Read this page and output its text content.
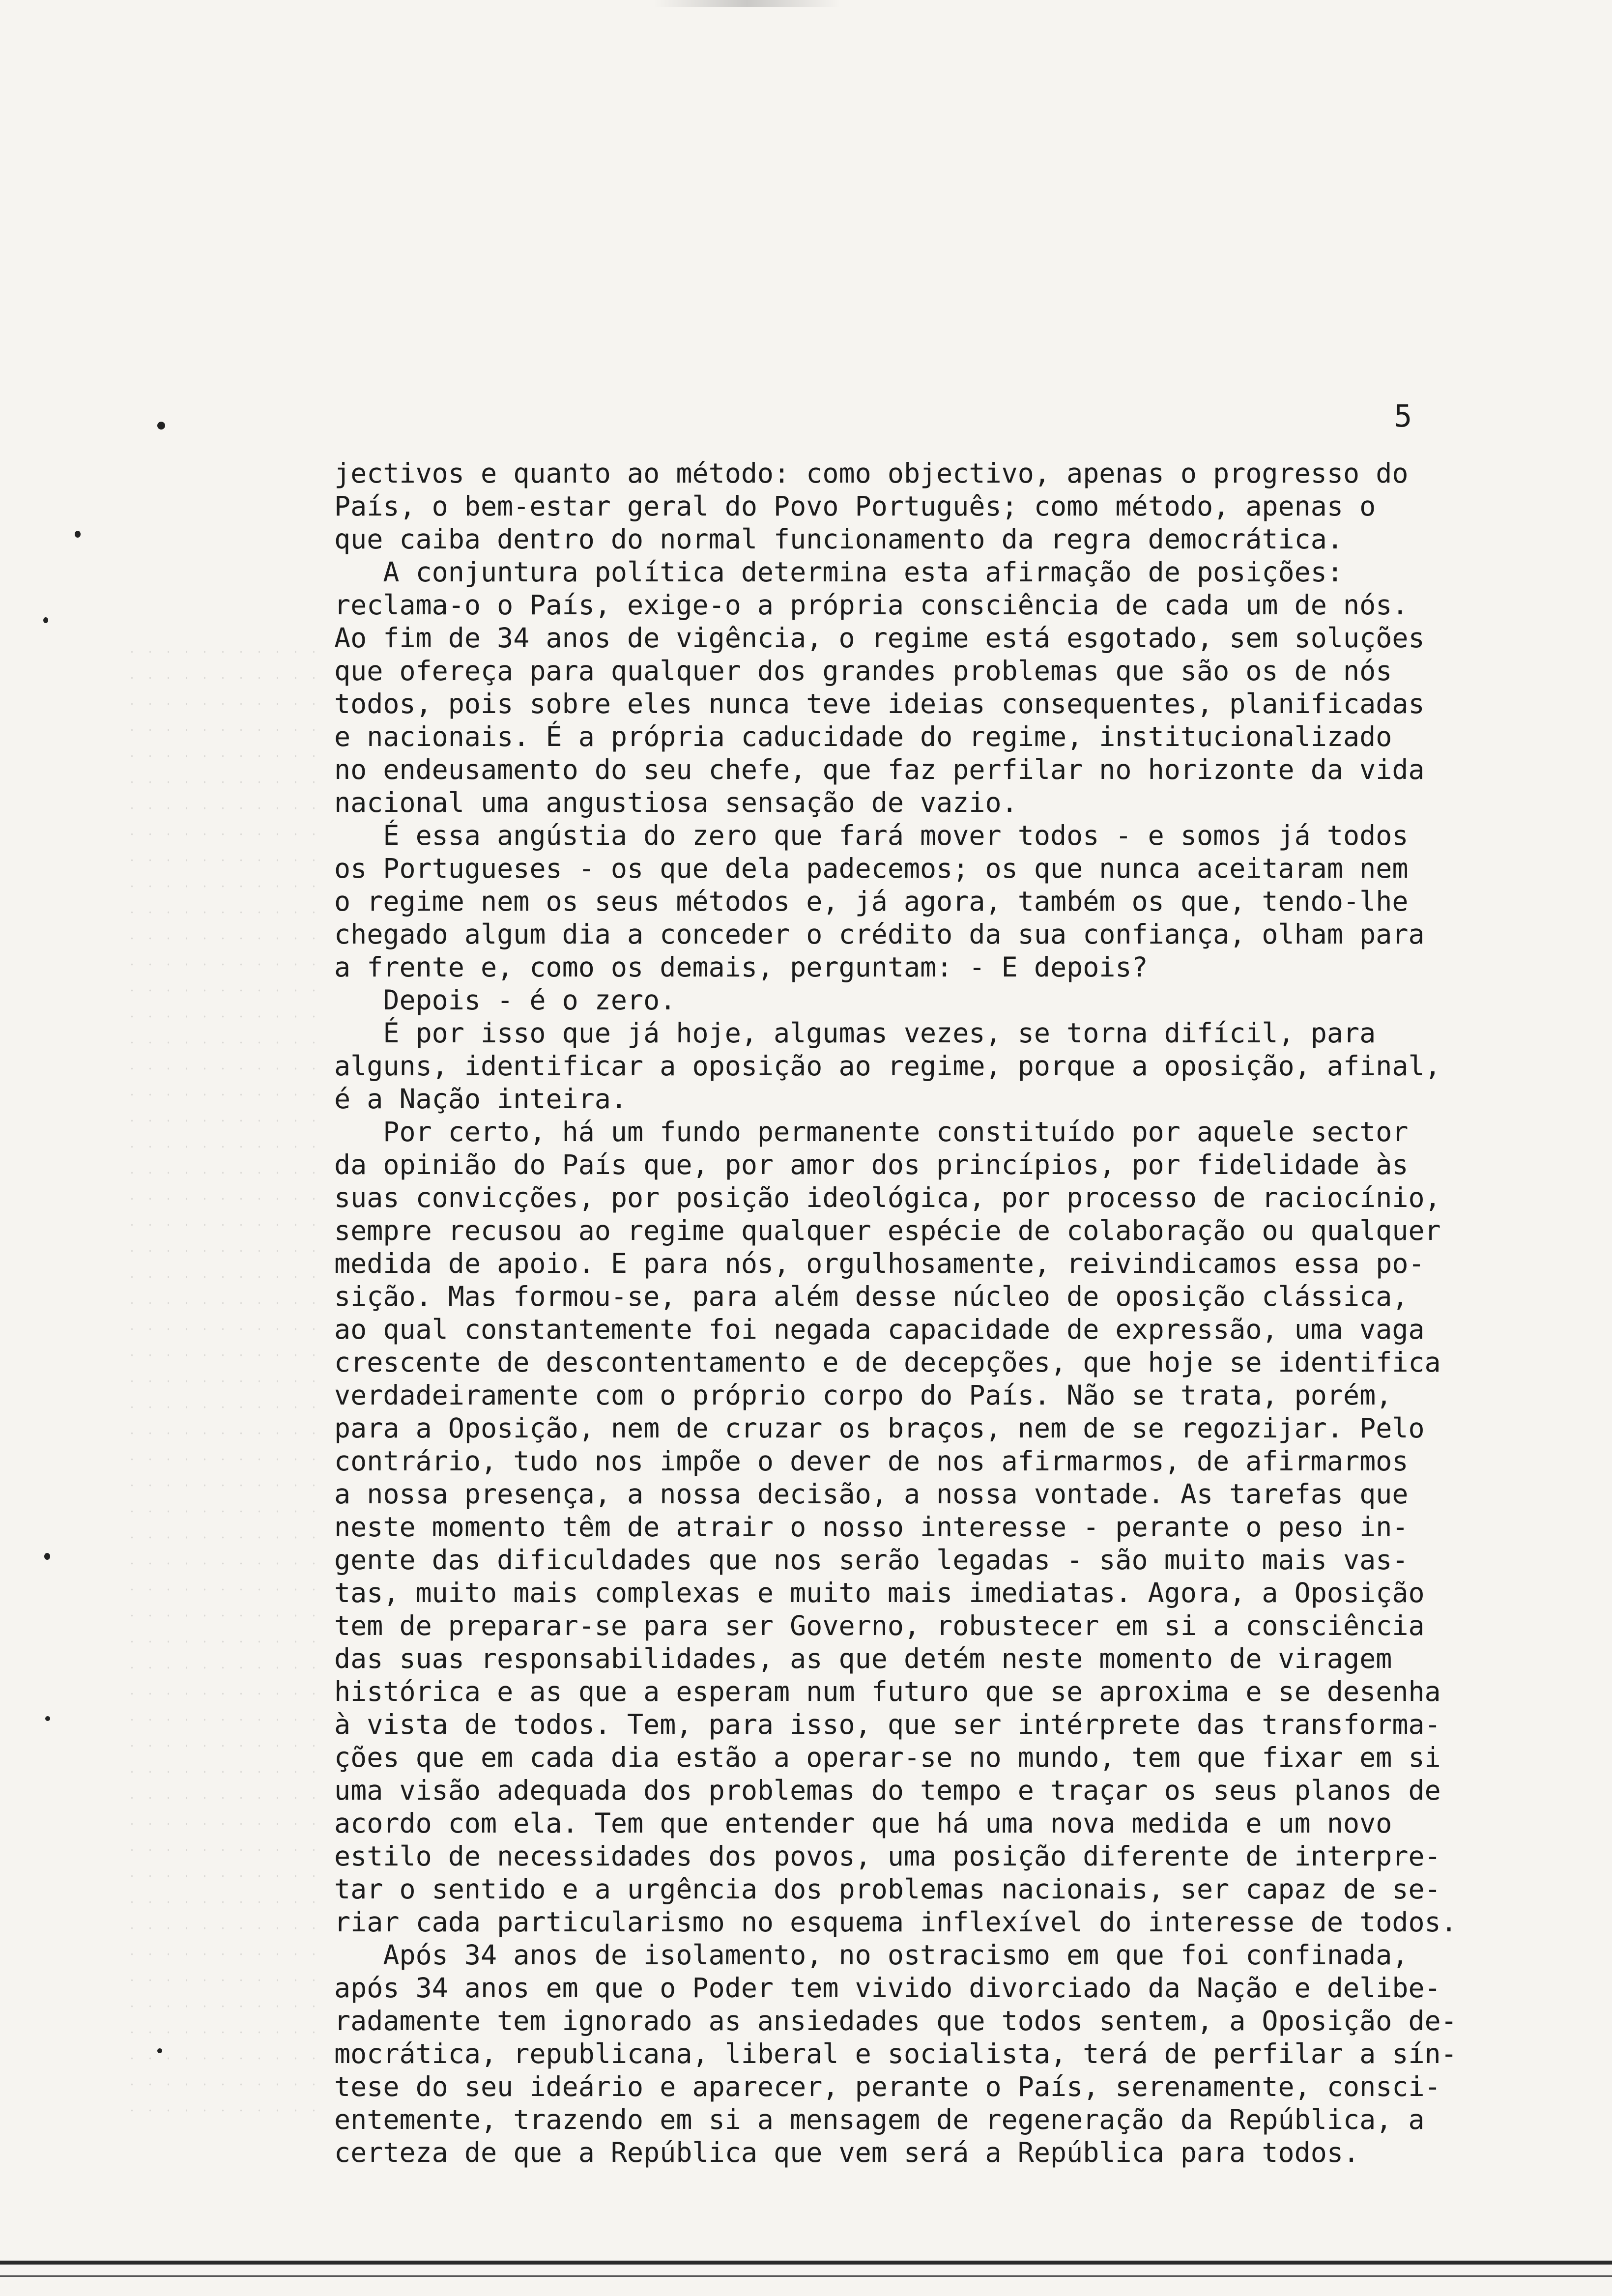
5
jectivos e quanto ao método: como objectivo, apenas o progresso do
País, o bem-estar geral do Povo Português; como método, apenas o
que caiba dentro do normal funcionamento da regra democrática.
A conjuntura política determina esta afirmação de posições:
reclama-o o País, exige-o a própria consciência de cada um de nós.
Ao fim de 34 anos de vigência, o regime está esgotado, sem soluções
que ofereça para qualquer dos grandes problemas que são os de nós
todos, pois sobre eles nunca teve ideias consequentes, planificadas
e nacionais. É a própria caducidade do regime, institucionalizado
no endeusamento do seu chefe, que faz perfilar no horizonte da vida
nacional uma angustiosa sensação de vazio.
É essa angústia do zero que fará mover todos - e somos já todos
os Portugueses - os que dela padecemos; os que nunca aceitaram nem
o regime nem os seus métodos e, já agora, também os que, tendo-lhe
chegado algum dia a conceder o crédito da sua confiança, olham para
a frente e, como os demais, perguntam: - E depois?
Depois - é o zero.
É por isso que já hoje, algumas vezes, se torna difícil, para
alguns, identificar a oposição ao regime, porque a oposição, afinal,
é a Nação inteira.
Por certo, há um fundo permanente constituído por aquele sector
da opinião do País que, por amor dos princípios, por fidelidade às
suas convicções, por posição ideológica, por processo de raciocínio,
sempre recusou ao regime qualquer espécie de colaboração ou qualquer
medida de apoio. E para nós, orgulhosamente, reivindicamos essa po-
sição. Mas formou-se, para além desse núcleo de oposição clássica,
ao qual constantemente foi negada capacidade de expressão, uma vaga
crescente de descontentamento e de decepções, que hoje se identifica
verdadeiramente com o próprio corpo do País. Não se trata, porém,
para a Oposição, nem de cruzar os braços, nem de se regozijar. Pelo
contrário, tudo nos impõe o dever de nos afirmarmos, de afirmarmos
a nossa presença, a nossa decisão, a nossa vontade. As tarefas que
neste momento têm de atrair o nosso interesse - perante o peso in-
gente das dificuldades que nos serão legadas - são muito mais vas-
tas, muito mais complexas e muito mais imediatas. Agora, a Oposição
tem de preparar-se para ser Governo, robustecer em si a consciência
das suas responsabilidades, as que detém neste momento de viragem
histórica e as que a esperam num futuro que se aproxima e se desenha
à vista de todos. Tem, para isso, que ser intérprete das transforma-
ções que em cada dia estão a operar-se no mundo, tem que fixar em si
uma visão adequada dos problemas do tempo e traçar os seus planos de
acordo com ela. Tem que entender que há uma nova medida e um novo
estilo de necessidades dos povos, uma posição diferente de interpre-
tar o sentido e a urgência dos problemas nacionais, ser capaz de se-
riar cada particularismo no esquema inflexível do interesse de todos.
Após 34 anos de isolamento, no ostracismo em que foi confinada,
após 34 anos em que o Poder tem vivido divorciado da Nação e delibe-
radamente tem ignorado as ansiedades que todos sentem, a Oposição de-
mocrática, republicana, liberal e socialista, terá de perfilar a sín-
tese do seu ideário e aparecer, perante o País, serenamente, consci-
entemente, trazendo em si a mensagem de regeneração da República, a
certeza de que a República que vem será a República para todos.
